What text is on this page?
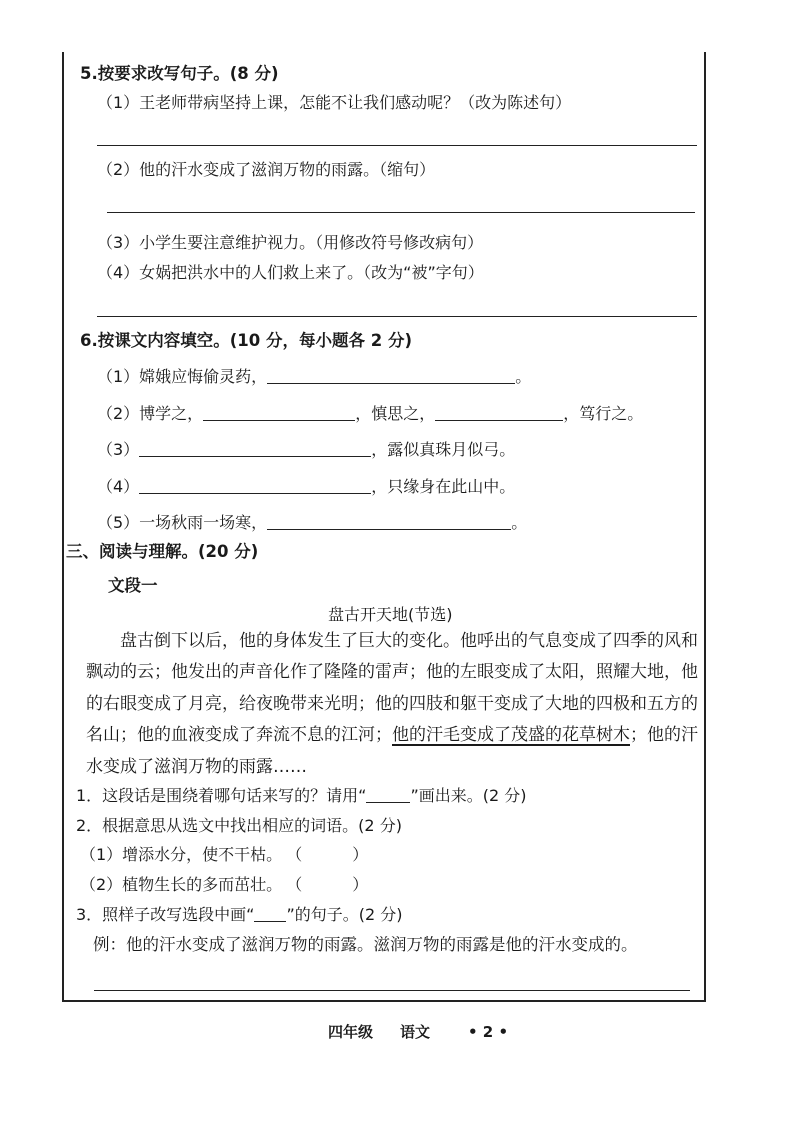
5.按要求改写句子。(8 分)
（1）王老师带病坚持上课，怎能不让我们感动呢？（改为陈述句）
（2）他的汗水变成了滋润万物的雨露。（缩句）
（3）小学生要注意维护视力。（用修改符号修改病句）
（4）女娲把洪水中的人们救上来了。（改为“被”字句）
6.按课文内容填空。(10 分，每小题各 2 分)
（1）嫦娥应悔偷灵药，	。
（2）博学之，	，慎思之，	，笃行之。
（3）	，露似真珠月似弓。
（4）	，只缘身在此山中。
（5）一场秋雨一场寒，	。
三、阅读与理解。(20 分)
文段一
盘古开天地(节选)
盘古倒下以后，他的身体发生了巨大的变化。他呼出的气息变成了四季的风和飘动的云；他发出的声音化作了隆隆的雷声；他的左眼变成了太阳，照耀大地，他的右眼变成了月亮，给夜晚带来光明；他的四肢和躯干变成了大地的四极和五方的名山；他的血液变成了奔流不息的江河；他的汗毛变成了茂盛的花草树木；他的汗水变成了滋润万物的雨露……
1．这段话是围绕着哪句话来写的？请用“	”画出来。(2 分)
2．根据意思从选文中找出相应的词语。(2 分)
（1）增添水分，使不干枯。 （	）
（2）植物生长的多而茁壮。 （	）
3．照样子改写选段中画“ ”的句子。(2 分)
例：他的汗水变成了滋润万物的雨露。滋润万物的雨露是他的汗水变成的。
四年级 语文	• 2 •
